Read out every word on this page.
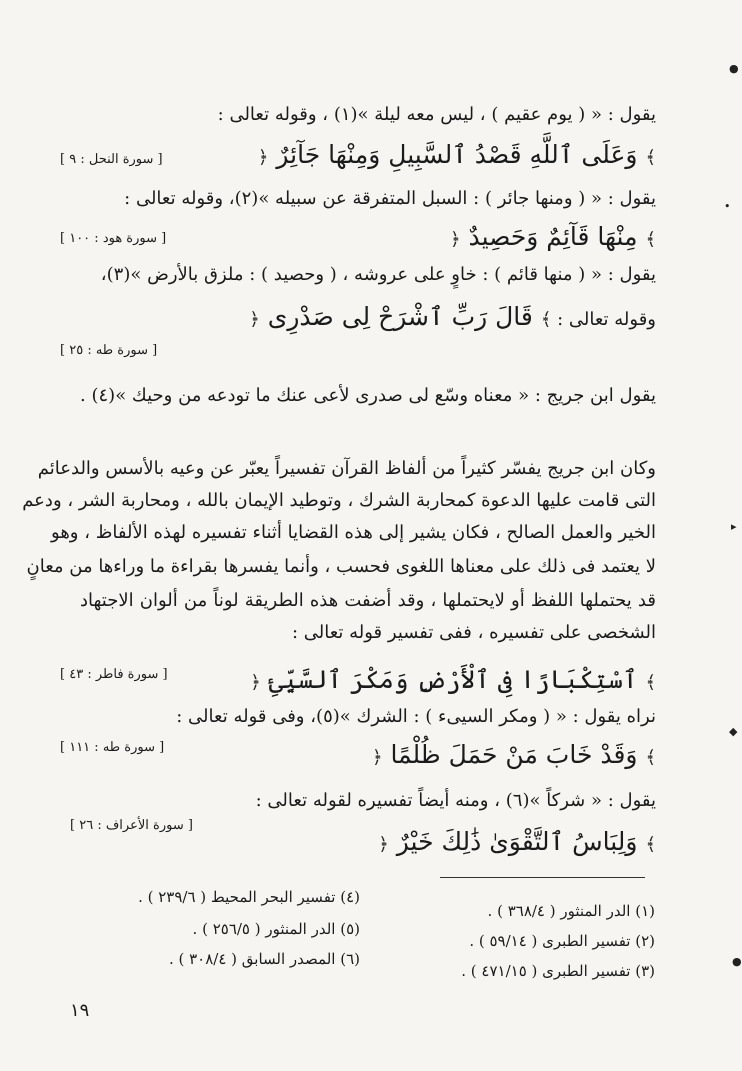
يقول : « ( يوم عقيم ) ، ليس معه ليلة »(١) ، وقوله تعالى :
﴾ وَعَلَى ٱللَّهِ قَصْدُ ٱلسَّبِيلِ وَمِنْهَا جَآئِرٌ ﴿
[ سورة النحل : ٩ ]
يقول : « ( ومنها جائر ) : السبل المتفرقة عن سبيله »(٢)، وقوله تعالى :
﴾ مِنْهَا قَآئِمٌ وَحَصِيدٌ ﴿
[ سورة هود : ١٠٠ ]
يقول : « ( منها قائم ) : خاوٍ على عروشه ، ( وحصيد ) : ملزق بالأرض »(٣)،
وقوله تعالى : ﴾ قَالَ رَبِّ ٱشْرَحْ لِى صَدْرِى ﴿
[ سورة طه : ٢٥ ]
يقول ابن جريج : « معناه وسّع لى صدرى لأعى عنك ما تودعه من وحيك »(٤) .
وكان ابن جريج يفسّر كثيراً من ألفاظ القرآن تفسيراً يعبّر عن وعيه بالأسس والدعائم
التى قامت عليها الدعوة كمحاربة الشرك ، وتوطيد الإيمان بالله ، ومحاربة الشر ، ودعم
الخير والعمل الصالح ، فكان يشير إلى هذه القضايا أثناء تفسيره لهذه الألفاظ ، وهو
لا يعتمد فى ذلك على معناها اللغوى فحسب ، وأنما يفسرها بقراءة ما وراءها من معانٍ
قد يحتملها اللفظ أو لايحتملها ، وقد أضفت هذه الطريقة لوناً من ألوان الاجتهاد
الشخصى على تفسيره ، ففى تفسير قوله تعالى :
﴾ ٱسْتِكْبَارًا فِى ٱلْأَرْضِ وَمَكْرَ ٱلسَّيِّئِ ﴿
[ سورة فاطر : ٤٣ ]
نراه يقول : « ( ومكر السيىء ) : الشرك »(٥)، وفى قوله تعالى :
﴾ وَقَدْ خَابَ مَنْ حَمَلَ ظُلْمًا ﴿
[ سورة طه : ١١١ ]
يقول : « شركاً »(٦) ، ومنه أيضاً تفسيره لقوله تعالى :
[ سورة الأعراف : ٢٦ ]
﴾ وَلِبَاسُ ٱلتَّقْوَىٰ ذَٰلِكَ خَيْرٌ ﴿
(١) الدر المنثور ( ٣٦٨/٤ ) .
(٢) تفسير الطبرى ( ٥٩/١٤ ) .
(٣) تفسير الطبرى ( ٤٧١/١٥ ) .
(٤) تفسير البحر المحيط ( ٢٣٩/٦ ) .
(٥) الدر المنثور ( ٢٥٦/٥ ) .
(٦) المصدر السابق ( ٣٠٨/٤ ) .
١٩
●
•
▸
◆
●
